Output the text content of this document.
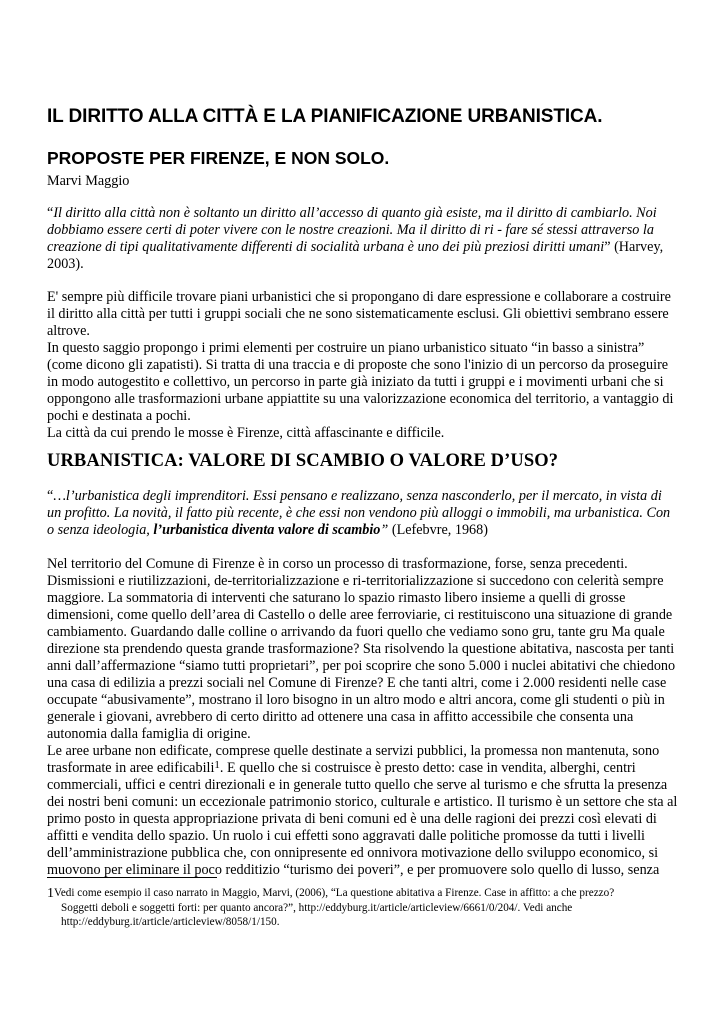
IL DIRITTO ALLA CITTÀ E LA PIANIFICAZIONE URBANISTICA.
PROPOSTE PER FIRENZE, E NON SOLO.
Marvi Maggio

“Il diritto alla città non è soltanto un diritto all’accesso di quanto già esiste, ma il diritto di cambiarlo. Noi dobbiamo essere certi di poter vivere con le nostre creazioni. Ma il diritto di ri - fare sé stessi attraverso la creazione di tipi qualitativamente differenti di socialità urbana è uno dei più preziosi diritti umani” (Harvey, 2003).

E' sempre più difficile trovare piani urbanistici che si propongano di dare espressione e collaborare a costruire il diritto alla città per tutti i gruppi sociali che ne sono sistematicamente esclusi. Gli obiettivi sembrano essere altrove.

In questo saggio propongo i primi elementi per costruire un piano urbanistico situato “in basso a sinistra” (come dicono gli zapatisti). Si tratta di una traccia e di proposte che sono l'inizio di un percorso da proseguire in modo autogestito e collettivo, un percorso in parte già iniziato da tutti i gruppi e i movimenti urbani che si oppongono alle trasformazioni urbane appiattite su una valorizzazione economica del territorio, a vantaggio di pochi e destinata a pochi.

La città da cui prendo le mosse è Firenze, città affascinante e difficile.

URBANISTICA: VALORE DI SCAMBIO O VALORE D’USO?

“…l’urbanistica degli imprenditori. Essi pensano e realizzano, senza nasconderlo, per il mercato, in vista di un profitto. La novità, il fatto più recente, è che essi non vendono più alloggi o immobili, ma urbanistica. Con o senza ideologia, l’urbanistica diventa valore di scambio” (Lefebvre, 1968)

Nel territorio del Comune di Firenze è in corso un processo di trasformazione, forse, senza precedenti. Dismissioni e riutilizzazioni, de-territorializzazione e ri-territorializzazione si succedono con celerità sempre maggiore. La sommatoria di interventi che saturano lo spazio rimasto libero insieme a quelli di grosse dimensioni, come quello dell’area di Castello o delle aree ferroviarie, ci restituiscono una situazione di grande cambiamento. Guardando dalle colline o arrivando da fuori quello che vediamo sono gru, tante gru Ma quale direzione sta prendendo questa grande trasformazione? Sta risolvendo la questione abitativa, nascosta per tanti anni dall’affermazione “siamo tutti proprietari”, per poi scoprire che sono 5.000 i nuclei abitativi che chiedono una casa di edilizia a prezzi sociali nel Comune di Firenze? E che tanti altri, come i 2.000 residenti nelle case occupate “abusivamente”, mostrano il loro bisogno in un altro modo e altri ancora, come gli studenti o più in generale i giovani, avrebbero di certo diritto ad ottenere una casa in affitto accessibile che consenta una autonomia dalla famiglia di origine.

Le aree urbane non edificate, comprese quelle destinate a servizi pubblici, la promessa non mantenuta, sono trasformate in aree edificabili$^1$. E quello che si costruisce è presto detto: case in vendita, alberghi, centri commerciali, uffici e centri direzionali e in generale tutto quello che serve al turismo e che sfrutta la presenza dei nostri beni comuni: un eccezionale patrimonio storico, culturale e artistico. Il turismo è un settore che sta al primo posto in questa appropriazione privata di beni comuni ed è una delle ragioni dei prezzi così elevati di affitti e vendita dello spazio. Un ruolo i cui effetti sono aggravati dalle politiche promosse da tutti i livelli dell’amministrazione pubblica che, con onnipresente ed onnivora motivazione dello sviluppo economico, si muovono per eliminare il poco redditizio “turismo dei poveri”, e per promuovere solo quello di lusso, senza

1Vedi come esempio il caso narrato in Maggio, Marvi, (2006), “La questione abitativa a Firenze. Case in affitto: a che prezzo?
Soggetti deboli e soggetti forti: per quanto ancora?”, http://eddyburg.it/article/articleview/6661/0/204/. Vedi anche
http://eddyburg.it/article/articleview/8058/1/150.
